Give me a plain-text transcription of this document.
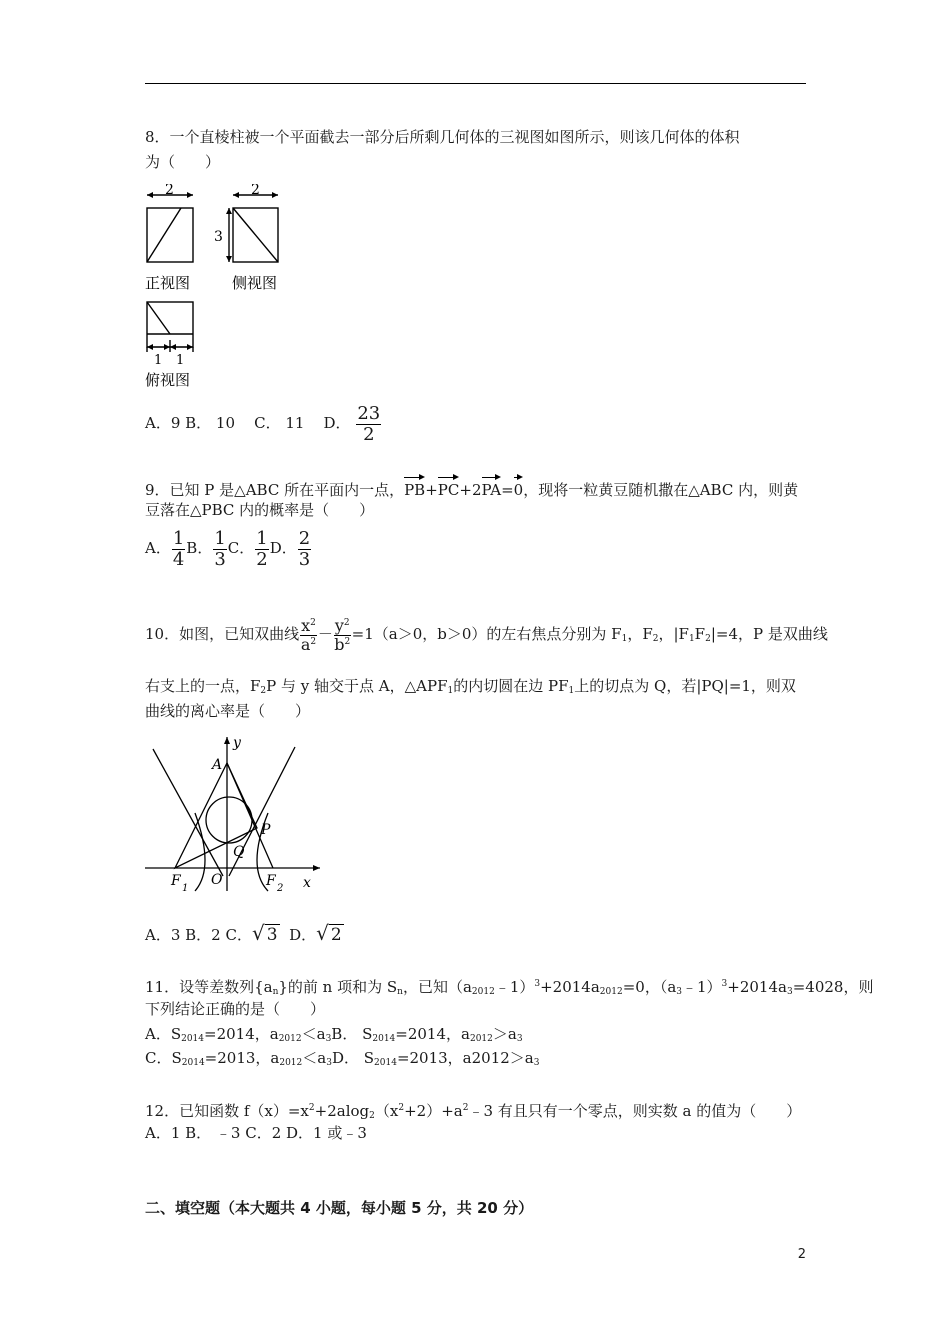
8．一个直棱柱被一个平面截去一部分后所剩几何体的三视图如图所示，则该几何体的体积
为（　　）
2	2
3
1 1
正视图	侧视图
俯视图
A．9 B． 10 C． 11 D． $\frac{23}{2}$
9．已知 P 是△ABC 所在平面内一点，PB+PC+2PA=0，现将一粒黄豆随机撒在△ABC 内，则黄
豆落在△PBC 内的概率是（　　）
A． $\frac{1}{4}$ B． $\frac{1}{3}$ C． $\frac{1}{2}$ D． $\frac{2}{3}$
10．如图，已知双曲线 $\frac{x^2}{a^2} - \frac{y^2}{b^2} =1(a>0$，b＞0）的左右焦点分别为 $F_1$，$F_2$，$|F_1F_2|=4$，P 是双曲线
右支上的一点，$F_2P$ 与 y 轴交于点 A，$\triangle APF_1$的内切圆在边 $PF_1$上的切点为 Q，若|PQ|=1，则双
曲线的离心率是（　　）
y
A
P
Q
F 1
O	F 2 x
A．3 B．2 C．√ 3 D．√ 2
11．设等差数列$\{a_n\}$的前 n 项和为 $S_n$，已知$(a_{2012}﹣1)^3+2014a_{2012}=0$，$(a_3﹣1)^3+2014a_3=4028$，则
下列结论正确的是（　　）
A．$S_{2014}=2014$，$a_{2012}<a_3B$． $S_{2014}=2014$，$a_{2012}>a_3$
C．$S_{2014}=2013$，$a_{2012}<a_3D$． $S_{2014}=2013$，$a2012>a_3$
12．已知函数 $f(x)=x^2+2alog_2(x^2+2)+a^2﹣3$ 有且只有一个零点，则实数 a 的值为（　　）
A．1 B． ﹣3 C．2 D．1 或﹣3
二、填空题（本大题共 4 小题，每小题 5 分，共 20 分）
2
